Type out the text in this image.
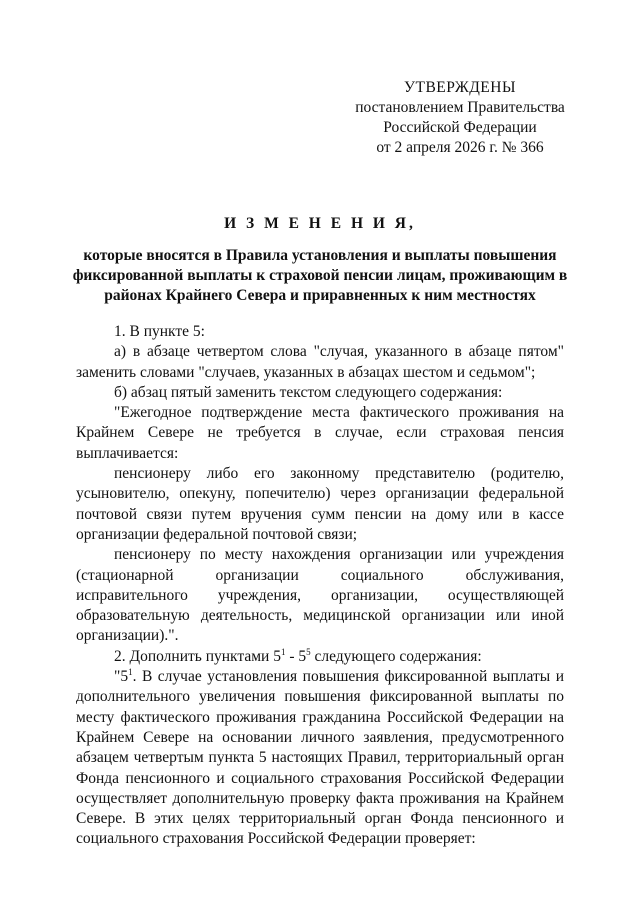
УТВЕРЖДЕНЫ
постановлением Правительства
Российской Федерации
от 2 апреля 2026 г. № 366
И З М Е Н Е Н И Я,
которые вносятся в Правила установления и выплаты повышения фиксированной выплаты к страховой пенсии лицам, проживающим в районах Крайнего Севера и приравненных к ним местностях

1. В пункте 5:

а) в абзаце четвертом слова "случая, указанного в абзаце пятом" заменить словами "случаев, указанных в абзацах шестом и седьмом";

б) абзац пятый заменить текстом следующего содержания:

"Ежегодное подтверждение места фактического проживания на Крайнем Севере не требуется в случае, если страховая пенсия выплачивается:

пенсионеру либо его законному представителю (родителю, усыновителю, опекуну, попечителю) через организации федеральной почтовой связи путем вручения сумм пенсии на дому или в кассе организации федеральной почтовой связи;

пенсионеру по месту нахождения организации или учреждения (стационарной организации социального обслуживания, исправительного учреждения, организации, осуществляющей образовательную деятельность, медицинской организации или иной организации).".

2. Дополнить пунктами $5^1 - 5^5$ следующего содержания:

"$5^1$. В случае установления повышения фиксированной выплаты и дополнительного увеличения повышения фиксированной выплаты по месту фактического проживания гражданина Российской Федерации на Крайнем Севере на основании личного заявления, предусмотренного абзацем четвертым пункта 5 настоящих Правил, территориальный орган Фонда пенсионного и социального страхования Российской Федерации осуществляет дополнительную проверку факта проживания на Крайнем Севере. В этих целях территориальный орган Фонда пенсионного и социального страхования Российской Федерации проверяет:
